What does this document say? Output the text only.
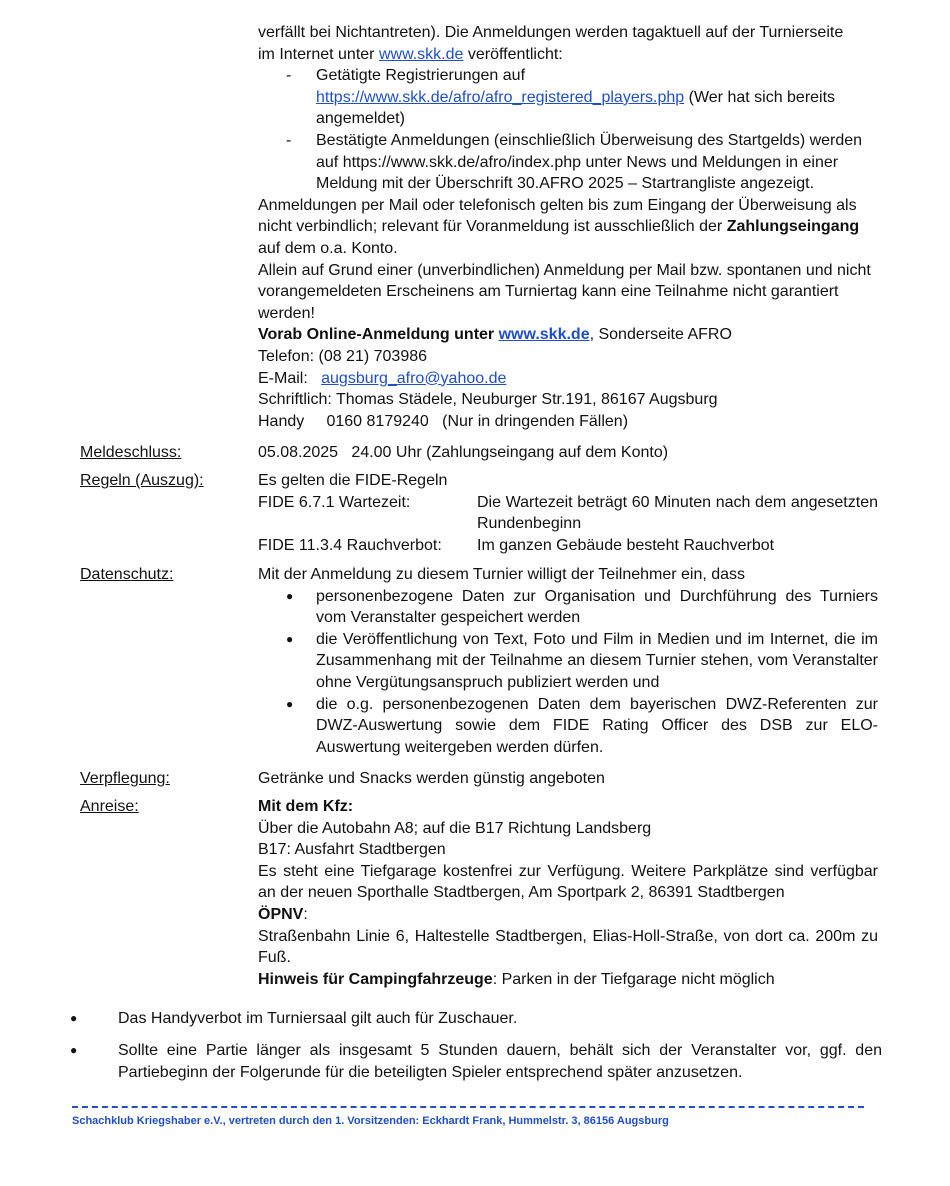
verfällt bei Nichtantreten). Die Anmeldungen werden tagaktuell auf der Turnierseite
im Internet unter www.skk.de veröffentlicht:
- Getätigte Registrierungen auf
https://www.skk.de/afro/afro_registered_players.php (Wer hat sich bereits angemeldet)
- Bestätigte Anmeldungen (einschließlich Überweisung des Startgelds) werden auf https://www.skk.de/afro/index.php unter News und Meldungen in einer Meldung mit der Überschrift 30.AFRO 2025 – Startrangliste angezeigt.
Anmeldungen per Mail oder telefonisch gelten bis zum Eingang der Überweisung als nicht verbindlich; relevant für Voranmeldung ist ausschließlich der Zahlungseingang auf dem o.a. Konto.
Allein auf Grund einer (unverbindlichen) Anmeldung per Mail bzw. spontanen und nicht vorangemeldeten Erscheinens am Turniertag kann eine Teilnahme nicht garantiert werden!
Vorab Online-Anmeldung unter www.skk.de, Sonderseite AFRO
Telefon: (08 21) 703986
E-Mail:   augsburg_afro@yahoo.de
Schriftlich: Thomas Städele, Neuburger Str.191, 86167 Augsburg
Handy     0160 8179240   (Nur in dringenden Fällen)
Meldeschluss:	05.08.2025   24.00 Uhr (Zahlungseingang auf dem Konto)
Regeln (Auszug):	Es gelten die FIDE-Regeln
FIDE 6.7.1 Wartezeit:	Die Wartezeit beträgt 60 Minuten nach dem angesetzten Rundenbeginn
FIDE 11.3.4 Rauchverbot: Im ganzen Gebäude besteht Rauchverbot
Datenschutz:	Mit der Anmeldung zu diesem Turnier willigt der Teilnehmer ein, dass
● personenbezogene Daten zur Organisation und Durchführung des Turniers vom Veranstalter gespeichert werden
● die Veröffentlichung von Text, Foto und Film in Medien und im Internet, die im Zusammenhang mit der Teilnahme an diesem Turnier stehen, vom Veranstalter ohne Vergütungsanspruch publiziert werden und
● die o.g. personenbezogenen Daten dem bayerischen DWZ-Referenten zur DWZ-Auswertung sowie dem FIDE Rating Officer des DSB zur ELO-Auswertung weitergeben werden dürfen.
Verpflegung:	Getränke und Snacks werden günstig angeboten
Anreise:	Mit dem Kfz:
Über die Autobahn A8; auf die B17 Richtung Landsberg
B17: Ausfahrt Stadtbergen
Es steht eine Tiefgarage kostenfrei zur Verfügung. Weitere Parkplätze sind verfügbar an der neuen Sporthalle Stadtbergen, Am Sportpark 2, 86391 Stadtbergen
ÖPNV:
Straßenbahn Linie 6, Haltestelle Stadtbergen, Elias-Holl-Straße, von dort ca. 200m zu Fuß.
Hinweis für Campingfahrzeuge: Parken in der Tiefgarage nicht möglich
●	Das Handyverbot im Turniersaal gilt auch für Zuschauer.
●	Sollte eine Partie länger als insgesamt 5 Stunden dauern, behält sich der Veranstalter vor, ggf. den Partiebeginn der Folgerunde für die beteiligten Spieler entsprechend später anzusetzen.
Schachklub Kriegshaber e.V., vertreten durch den 1. Vorsitzenden: Eckhardt Frank, Hummelstr. 3, 86156 Augsburg
